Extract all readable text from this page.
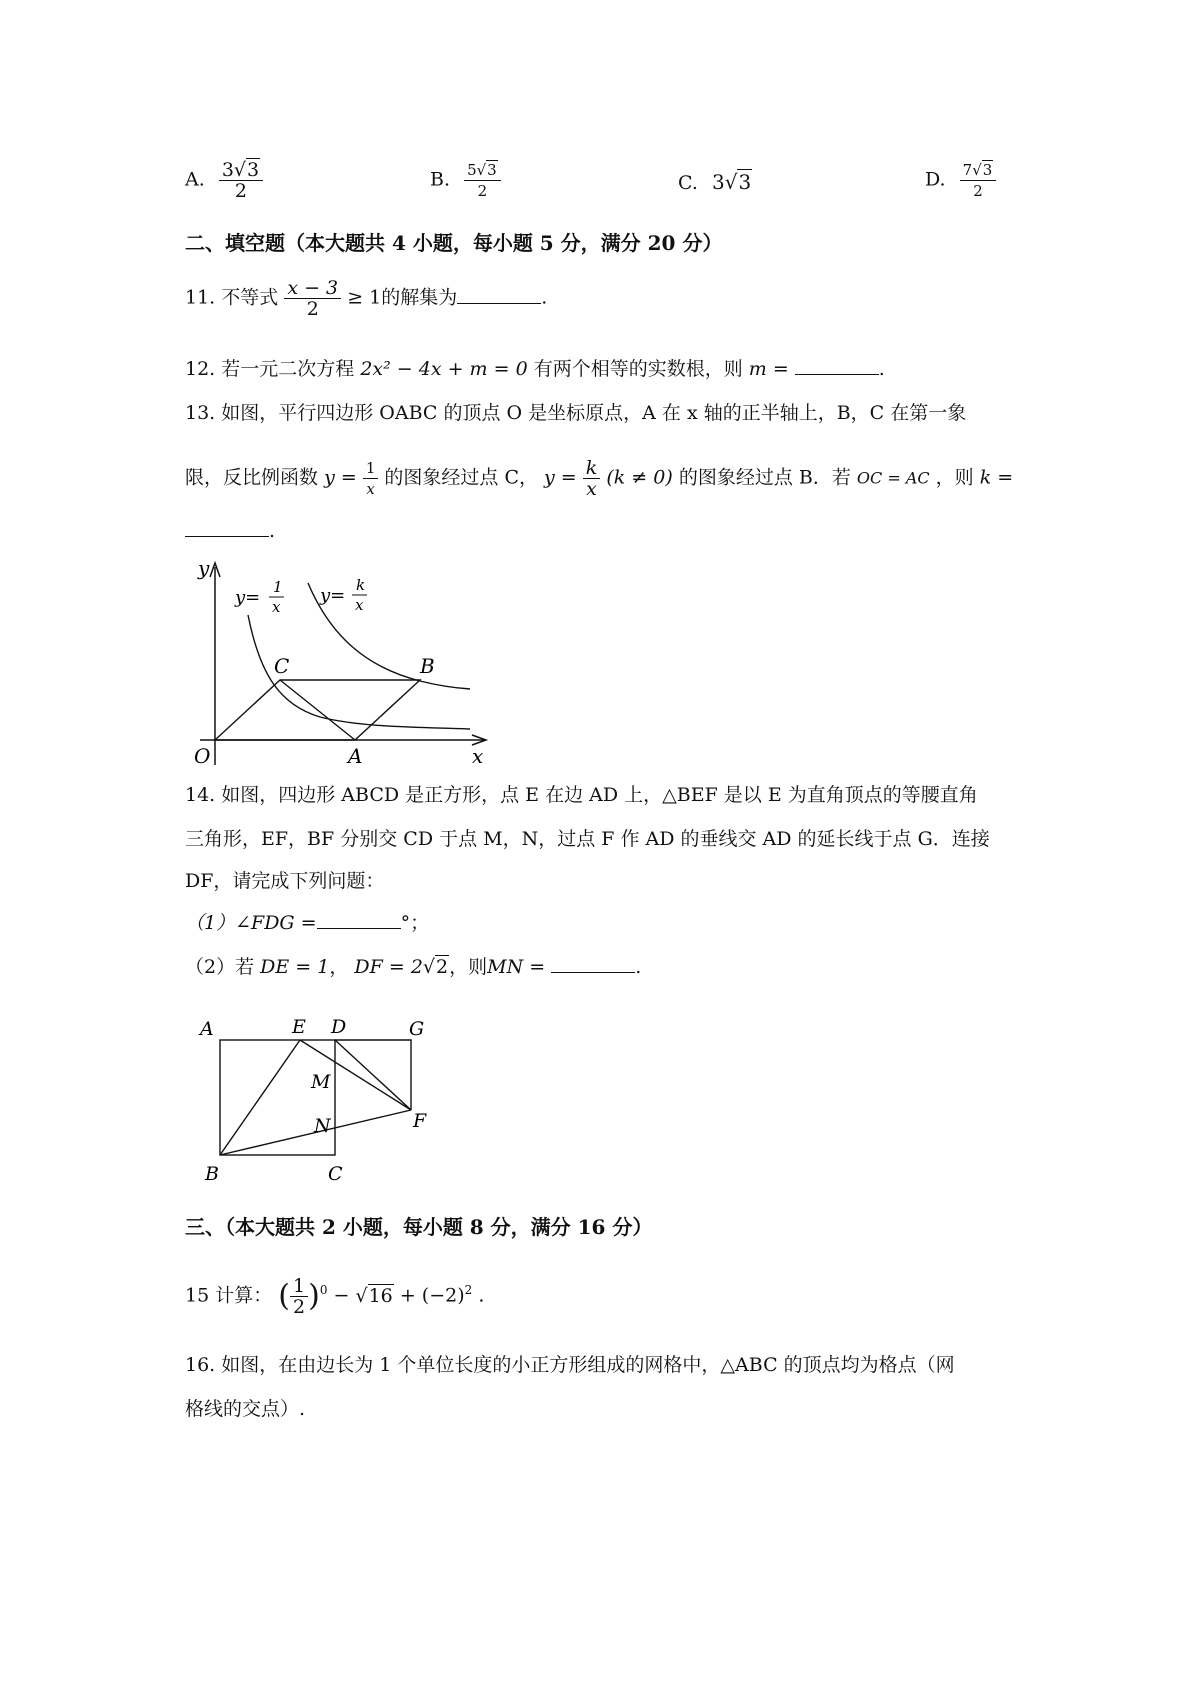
A. $\frac{3√3}{2}$	B. $\frac{5√3}{2}$	C. 3√3	D. $\frac{7√3}{2}$
二、填空题（本大题共 4 小题，每小题 5 分，满分 20 分）
11. 不等式 $\frac{x - 3}{2} \ge 1$的解集为	.
12. 若一元二次方程 2x² − 4x + m = 0 有两个相等的实数根，则 m =	.
13. 如图，平行四边形 OABC 的顶点 O 是坐标原点，A 在 x 轴的正半轴上，B，C 在第一象
限，反比例函数 $y = \frac{1}{x}$ 的图象经过点 C， $y = \frac{k}{x} (k \ne 0)$ 的图象经过点 B．若 OC = AC ，则 k =
.
y
x
O
y= 1
x
y= k
x
C	B
A
14. 如图，四边形 ABCD 是正方形，点 E 在边 AD 上，△BEF 是以 E 为直角顶点的等腰直角
三角形，EF，BF 分别交 CD 于点 M，N，过点 F 作 AD 的垂线交 AD 的延长线于点 G．连接
DF，请完成下列问题：
（1）∠FDG =	°；
（2）若 DE = 1， DF = 2√2，则MN =	.
A	E D	G
M
N	F
B	C
三、（本大题共 2 小题，每小题 8 分，满分 16 分）
15 计算： ( $\frac{1}{2} )^0 - √16 + (-2)^2$ .
16. 如图，在由边长为 1 个单位长度的小正方形组成的网格中，△ABC 的顶点均为格点（网
格线的交点）.
